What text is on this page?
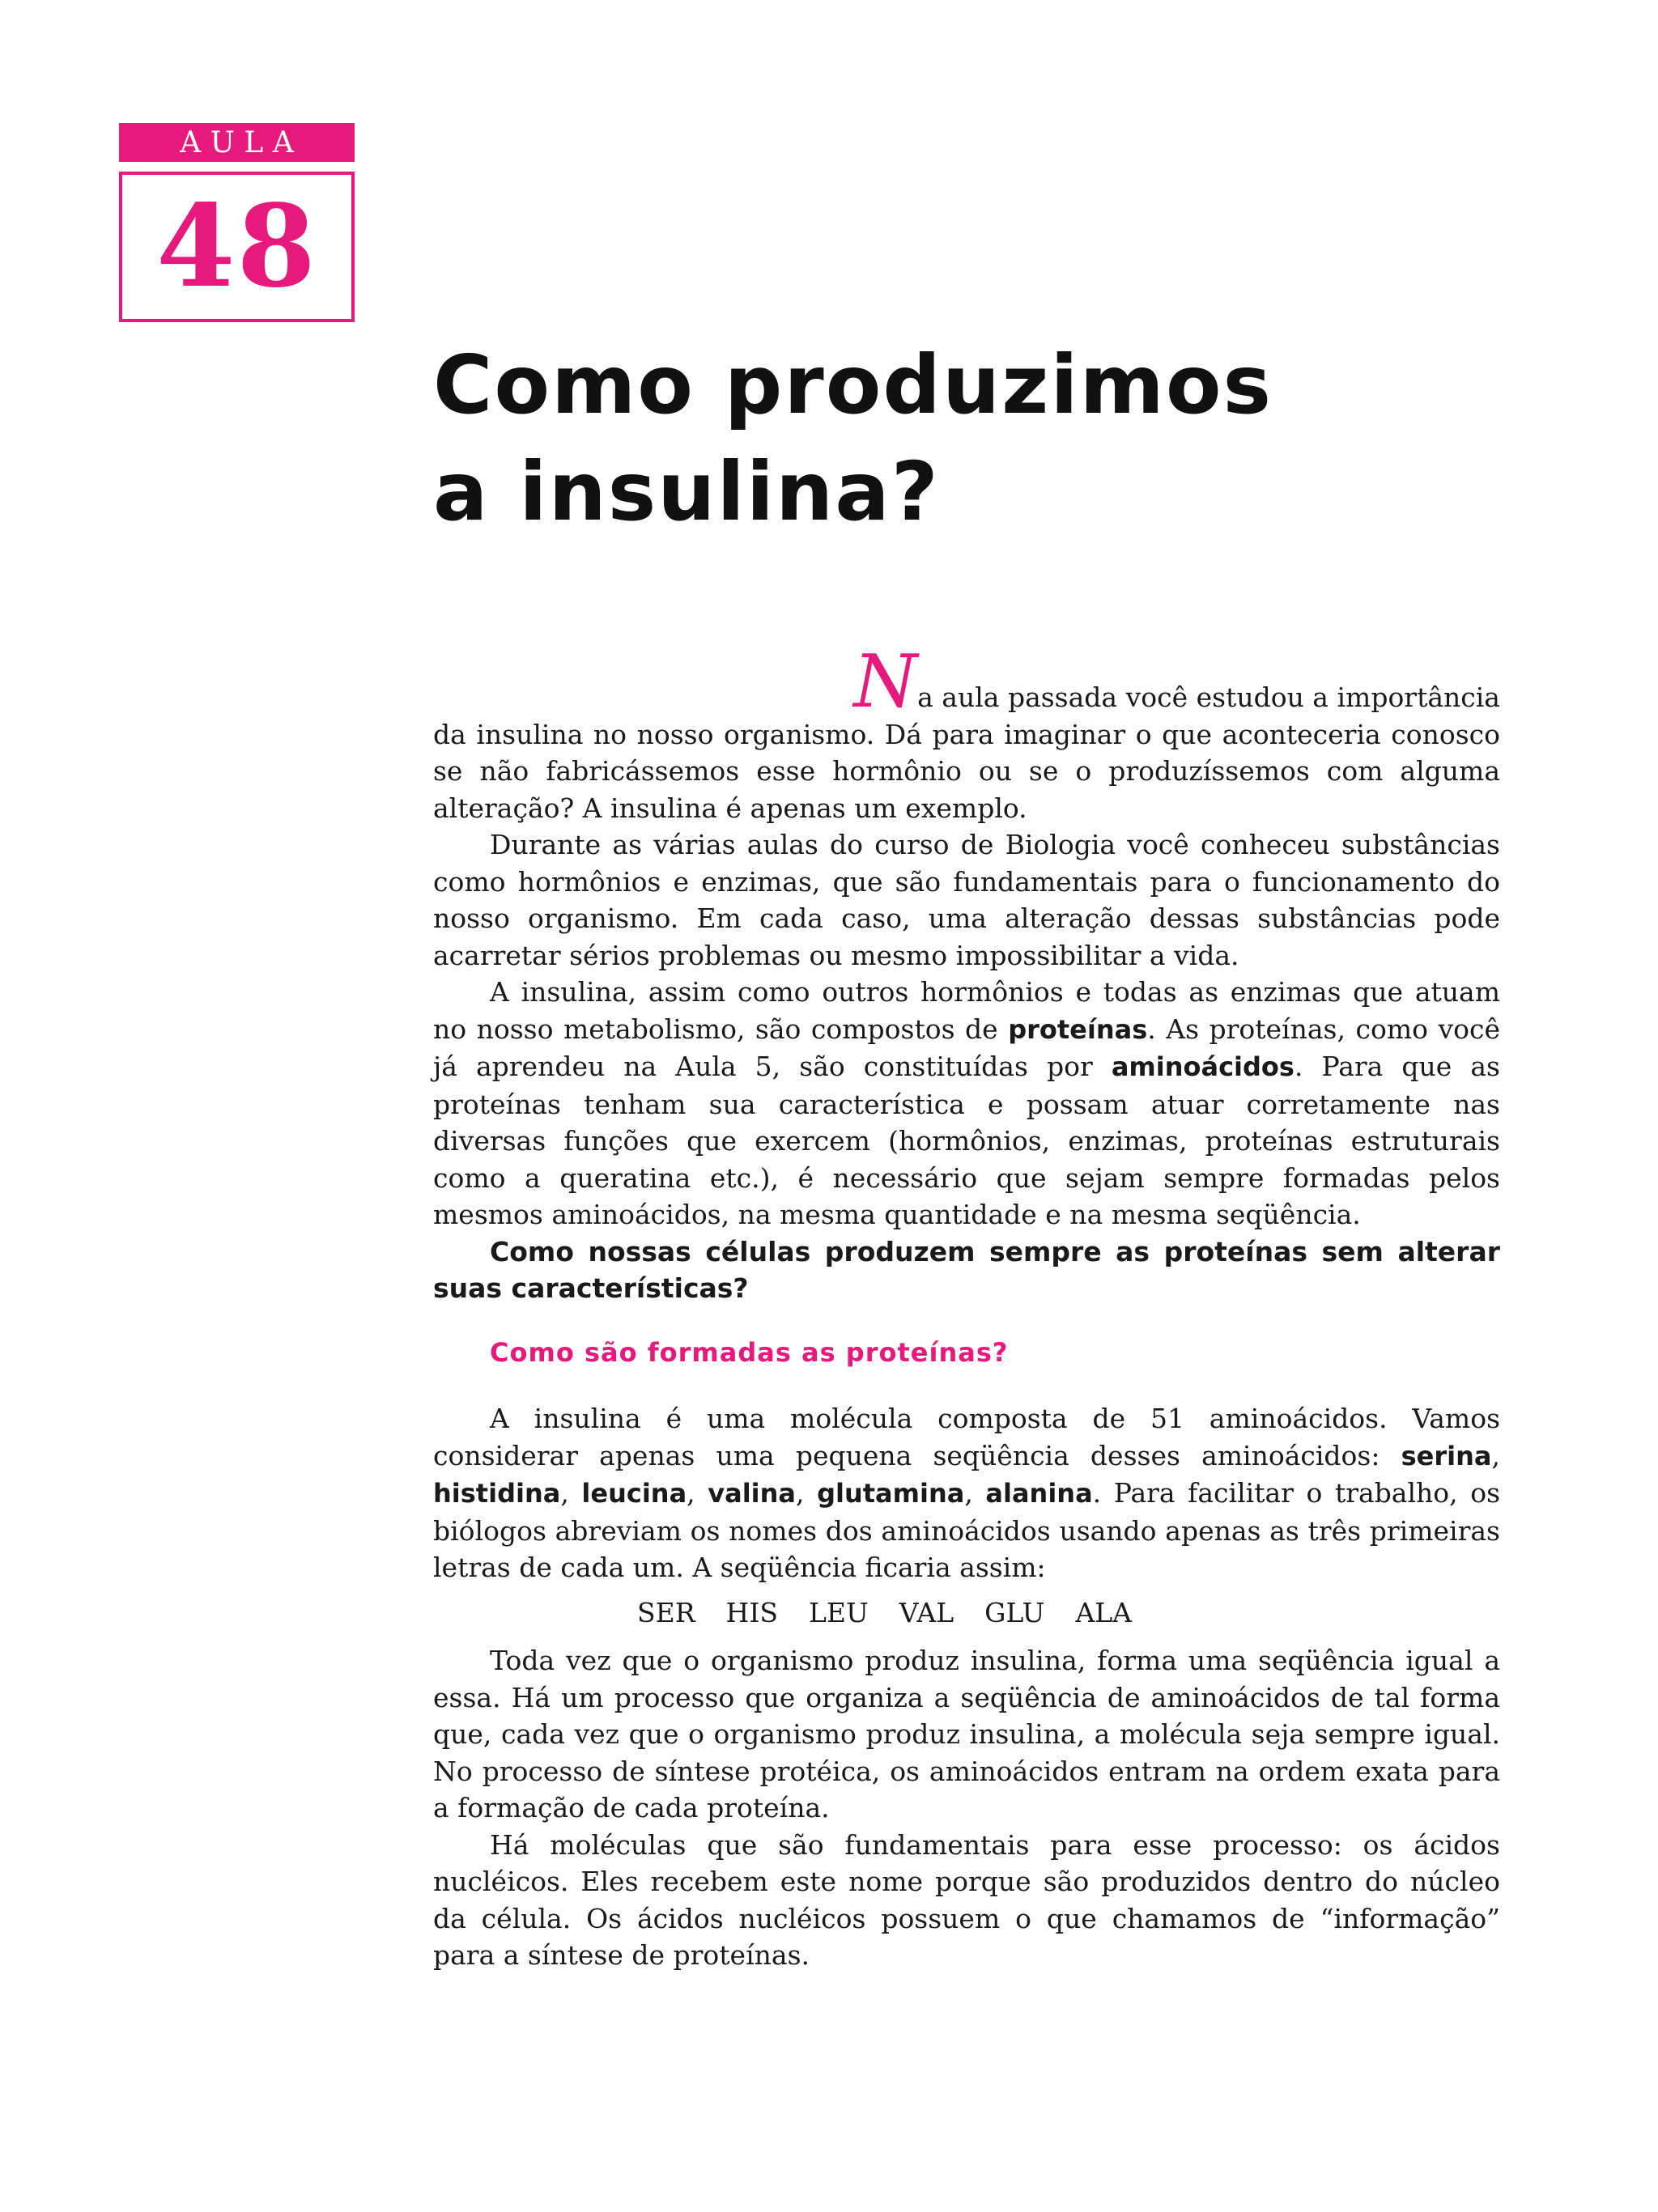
A U L A
48
Como produzimos
a insulina?

Na aula passada você estudou a importância
da insulina no nosso organismo. Dá para imaginar o que aconteceria conosco se não fabricássemos esse hormônio ou se o produzíssemos com alguma alteração? A insulina é apenas um exemplo.

Durante as várias aulas do curso de Biologia você conheceu substâncias como hormônios e enzimas, que são fundamentais para o funcionamento do nosso organismo. Em cada caso, uma alteração dessas substâncias pode acarretar sérios problemas ou mesmo impossibilitar a vida.

A insulina, assim como outros hormônios e todas as enzimas que atuam no nosso metabolismo, são compostos de proteínas. As proteínas, como você já aprendeu na Aula 5, são constituídas por aminoácidos. Para que as proteínas tenham sua característica e possam atuar corretamente nas diversas funções que exercem (hormônios, enzimas, proteínas estruturais como a queratina etc.), é necessário que sejam sempre formadas pelos mesmos aminoácidos, na mesma quantidade e na mesma seqüência.

Como nossas células produzem sempre as proteínas sem alterar suas características?

Como são formadas as proteínas?

A insulina é uma molécula composta de 51 aminoácidos. Vamos considerar apenas uma pequena seqüência desses aminoácidos: serina, histidina, leucina, valina, glutamina, alanina. Para facilitar o trabalho, os biólogos abreviam os nomes dos aminoácidos usando apenas as três primeiras letras de cada um. A seqüência ficaria assim:

SER HIS LEU VAL GLU ALA

Toda vez que o organismo produz insulina, forma uma seqüência igual a essa. Há um processo que organiza a seqüência de aminoácidos de tal forma que, cada vez que o organismo produz insulina, a molécula seja sempre igual. No processo de síntese protéica, os aminoácidos entram na ordem exata para a formação de cada proteína.

Há moléculas que são fundamentais para esse processo: os ácidos nucléicos. Eles recebem este nome porque são produzidos dentro do núcleo da célula. Os ácidos nucléicos possuem o que chamamos de “informação” para a síntese de proteínas.
